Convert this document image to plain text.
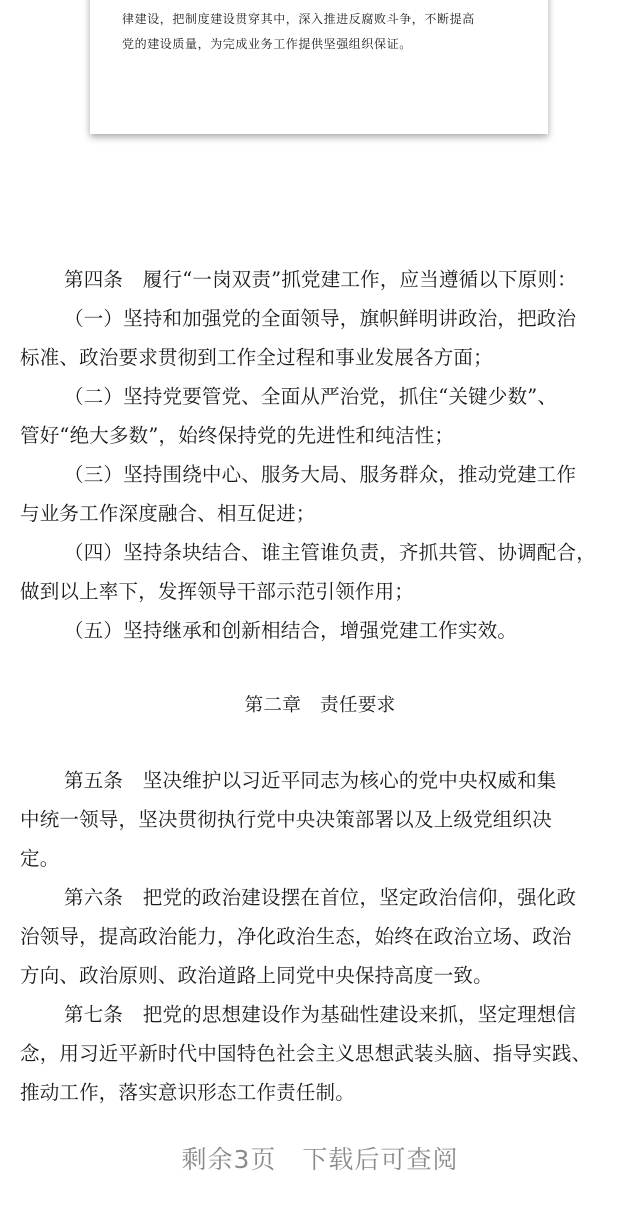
律建设，把制度建设贯穿其中，深入推进反腐败斗争，不断提高

党的建设质量，为完成业务工作提供坚强组织保证。

第四条　履行“一岗双责”抓党建工作，应当遵循以下原则：
（一）坚持和加强党的全面领导，旗帜鲜明讲政治，把政治
标准、政治要求贯彻到工作全过程和事业发展各方面；
（二）坚持党要管党、全面从严治党，抓住“关键少数”、
管好“绝大多数”，始终保持党的先进性和纯洁性；
（三）坚持围绕中心、服务大局、服务群众，推动党建工作
与业务工作深度融合、相互促进；
（四）坚持条块结合、谁主管谁负责，齐抓共管、协调配合，
做到以上率下，发挥领导干部示范引领作用；
（五）坚持继承和创新相结合，增强党建工作实效。
第二章　责任要求
第五条　坚决维护以习近平同志为核心的党中央权威和集
中统一领导，坚决贯彻执行党中央决策部署以及上级党组织决
定。
第六条　把党的政治建设摆在首位，坚定政治信仰，强化政
治领导，提高政治能力，净化政治生态，始终在政治立场、政治
方向、政治原则、政治道路上同党中央保持高度一致。
第七条　把党的思想建设作为基础性建设来抓，坚定理想信
念，用习近平新时代中国特色社会主义思想武装头脑、指导实践、
推动工作，落实意识形态工作责任制。
剩余3页　下载后可查阅
